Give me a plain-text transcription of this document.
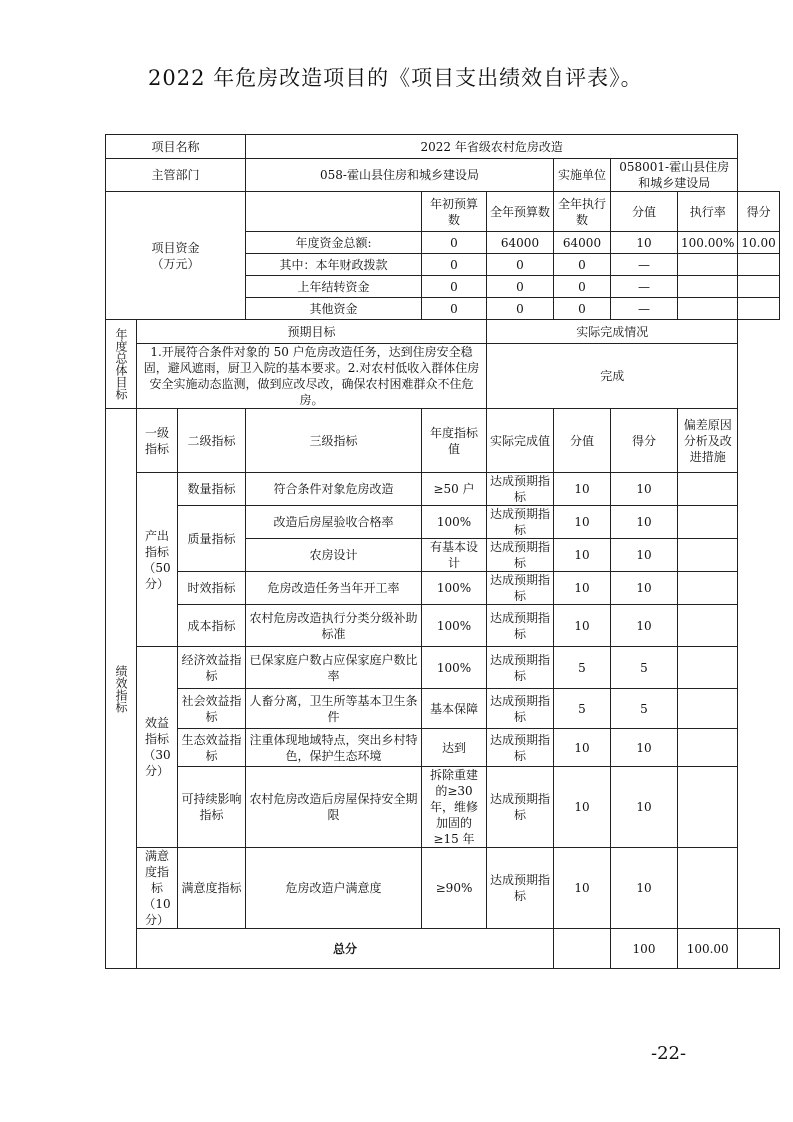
2022 年危房改造项目的《项目支出绩效自评表》。
项目名称			2022 年省级农村危房改造						
主管部门			058-霍山县住房和城乡建设局			实施单位	058001-霍山县住房和城乡建设局		
项目资金
（万元）				年初预算数	全年预算数	全年执行数	分值	执行率	得分
			年度资金总额:	0	64000	64000	10	100.00%	10.00
			其中：本年财政拨款	0	0	0	—		
			上年结转资金	0	0	0	—		
			其他资金	0	0	0	—		
年度总体目标	预期目标				实际完成情况				
	1.开展符合条件对象的 50 户危房改造任务，达到住房安全稳固，避风遮雨，厨卫入院的基本要求。2.对农村低收入群体住房安全实施动态监测，做到应改尽改，确保农村困难群众不住危房。				完成				
绩效指标	一级指标	二级指标	三级指标	年度指标值	实际完成值	分值	得分	偏差原因分析及改进措施	
	产出指标（50分）	数量指标	符合条件对象危房改造	≥50 户	达成预期指标	10	10		
		质量指标	改造后房屋验收合格率	100%	达成预期指标	10	10		
			农房设计	有基本设计	达成预期指标	10	10		
		时效指标	危房改造任务当年开工率	100%	达成预期指标	10	10		
		成本指标	农村危房改造执行分类分级补助标准	100%	达成预期指标	10	10		
	效益指标（30分）	经济效益指标	已保家庭户数占应保家庭户数比率	100%	达成预期指标	5	5		
		社会效益指标	人畜分离，卫生所等基本卫生条件	基本保障	达成预期指标	5	5		
		生态效益指标	注重体现地域特点，突出乡村特色，保护生态环境	达到	达成预期指标	10	10		
		可持续影响指标	农村危房改造后房屋保持安全期限	拆除重建的≥30年，维修加固的≥15 年	达成预期指标	10	10		
	满意度指标（10分）	满意度指标	危房改造户满意度	≥90%	达成预期指标	10	10		
	总分						100	100.00	
-22-
